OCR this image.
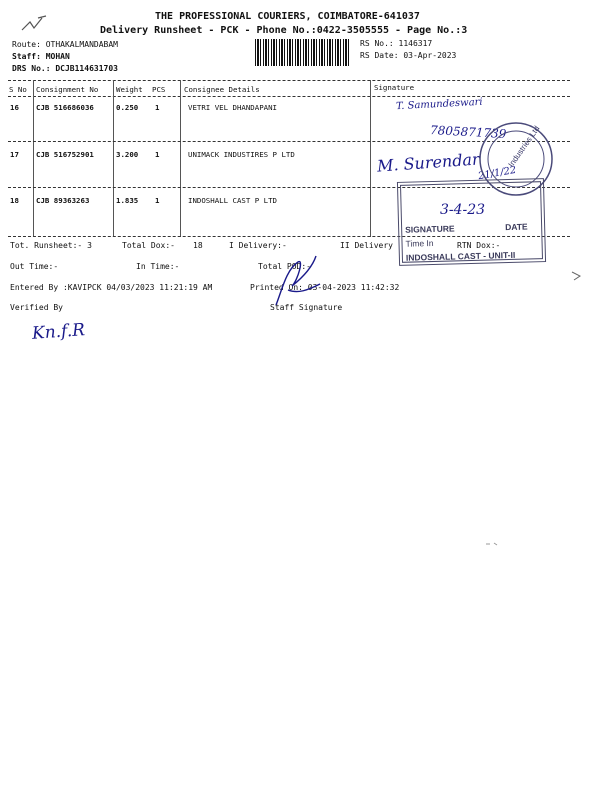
THE PROFESSIONAL COURIERS, COIMBATORE-641037
Delivery Runsheet - PCK - Phone No.:0422-3505555 - Page No.:3
Route: OTHAKALMANDABAM
Staff: MOHAN
DRS No.: DCJB114631703
RS No.: 1146317
RS Date: 03-Apr-2023
S No Consignment No Weight PCS	Consignee Details	Signature
16 CJB 516686036	0.250 1	VETRI VEL DHANDAPANI
17 CJB 516752901	3.200 1	UNIMACK INDUSTIRES P LTD
18 CJB 89363263	1.835 1	INDOSHALL CAST P LTD
T. Samundeswari
7805871739
M. Surendar
21/1/22
Industries Ltd
SIGNATURE	DATE
Time In
INDOSHALL CAST - UNIT-II
3-4-23
Tot. Runsheet:- 3	Total Dox:- 18	I Delivery:-	II Delivery	RTN Dox:-
Out Time:-	In Time:-	Total POD:-
Entered By :KAVIPCK 04/03/2023 11:21:19 AM	Printed On: 03-04-2023 11:42:32
Verified By	Staff Signature
Kn.f.R
